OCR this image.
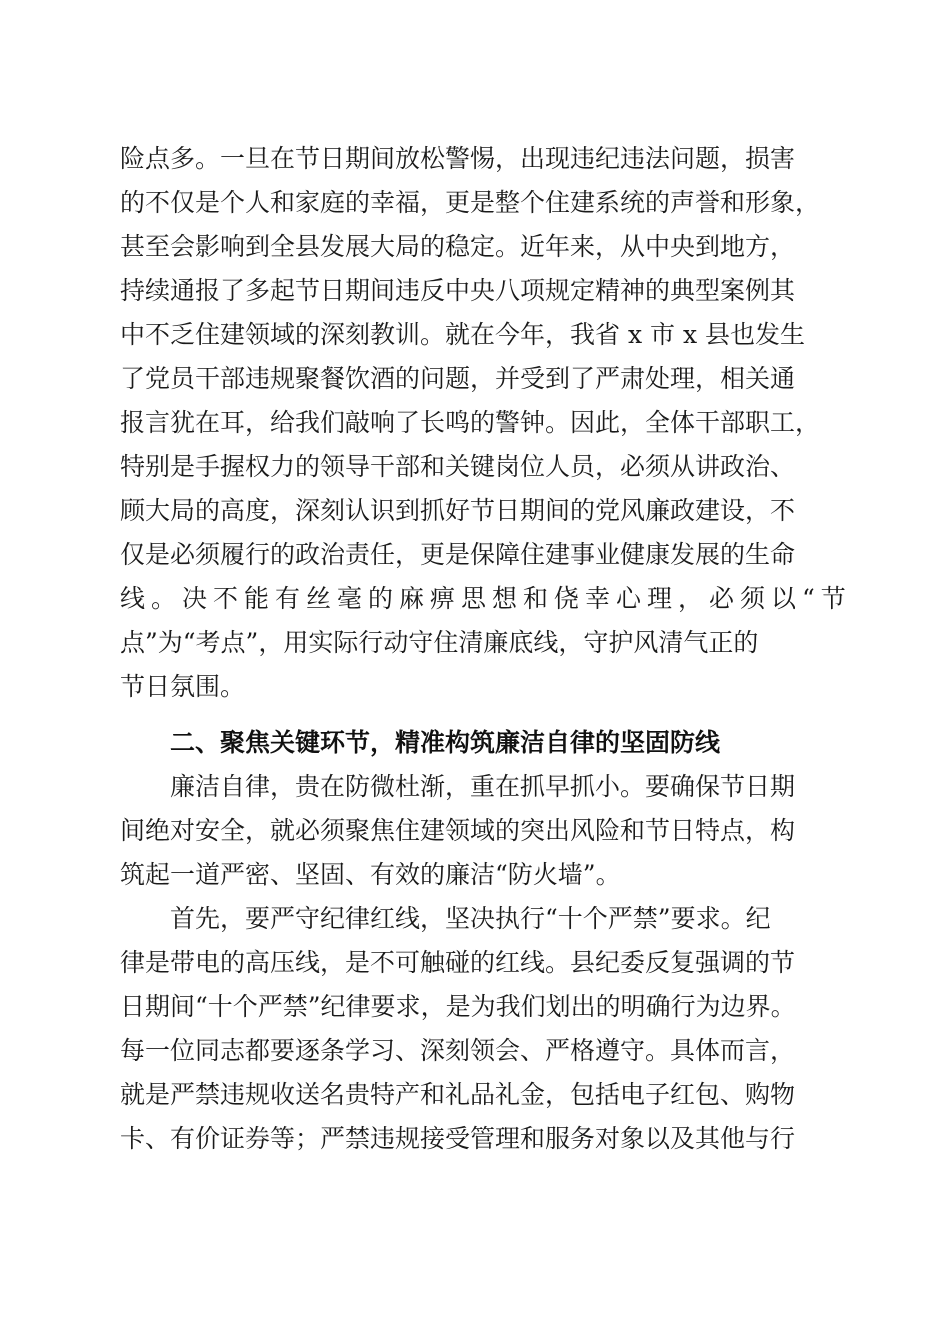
险点多。一旦在节日期间放松警惕，出现违纪违法问题，损害

的不仅是个人和家庭的幸福，更是整个住建系统的声誉和形象，

甚至会影响到全县发展大局的稳定。近年来，从中央到地方，

持续通报了多起节日期间违反中央八项规定精神的典型案例其

中不乏住建领域的深刻教训。就在今年，我省 x 市 x 县也发生

了党员干部违规聚餐饮酒的问题，并受到了严肃处理，相关通

报言犹在耳，给我们敲响了长鸣的警钟。因此，全体干部职工，

特别是手握权力的领导干部和关键岗位人员，必须从讲政治、

顾大局的高度，深刻认识到抓好节日期间的党风廉政建设，不

仅是必须履行的政治责任，更是保障住建事业健康发展的生命

线。决不能有丝毫的麻痹思想和侥幸心理，必须以“节

点”为“考点”，用实际行动守住清廉底线，守护风清气正的

节日氛围。

二、聚焦关键环节，精准构筑廉洁自律的坚固防线

廉洁自律，贵在防微杜渐，重在抓早抓小。要确保节日期

间绝对安全，就必须聚焦住建领域的突出风险和节日特点，构

筑起一道严密、坚固、有效的廉洁“防火墙”。

首先，要严守纪律红线，坚决执行“十个严禁”要求。纪

律是带电的高压线，是不可触碰的红线。县纪委反复强调的节

日期间“十个严禁”纪律要求，是为我们划出的明确行为边界。

每一位同志都要逐条学习、深刻领会、严格遵守。具体而言，

就是严禁违规收送名贵特产和礼品礼金，包括电子红包、购物

卡、有价证券等；严禁违规接受管理和服务对象以及其他与行
